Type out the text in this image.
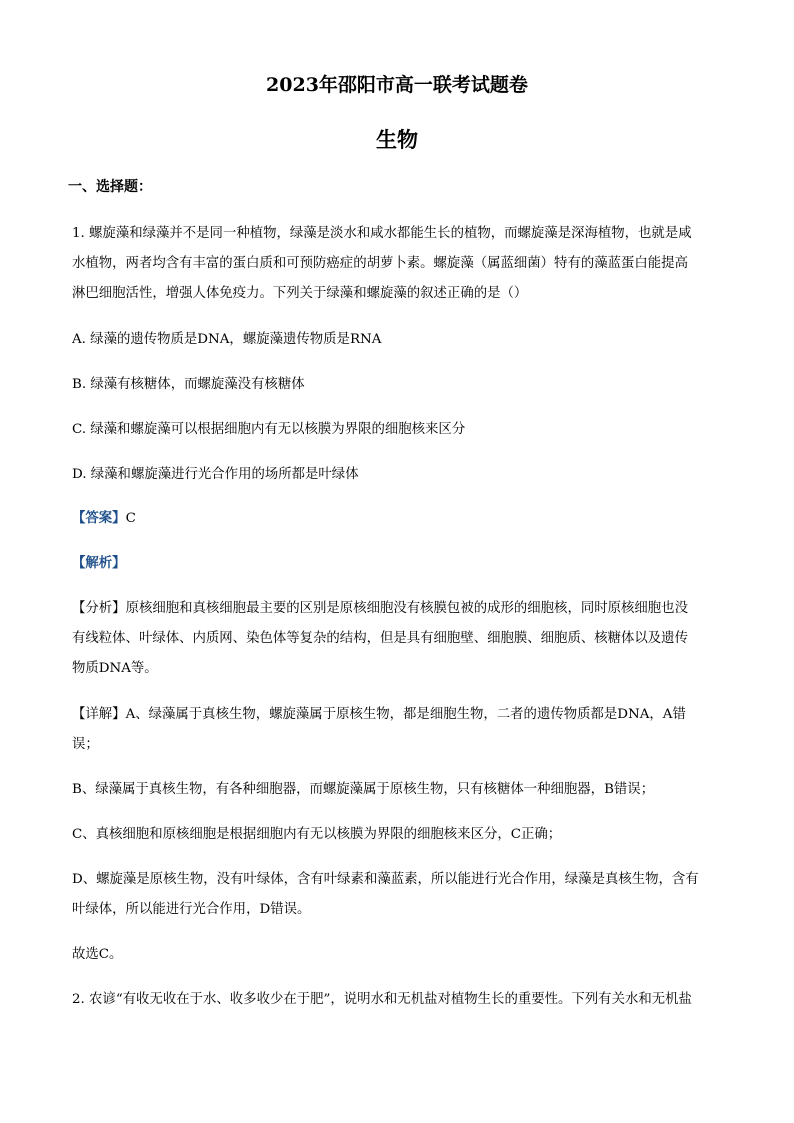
2023年邵阳市高一联考试题卷
生物
一、选择题：

1. 螺旋藻和绿藻并不是同一种植物，绿藻是淡水和咸水都能生长的植物，而螺旋藻是深海植物，也就是咸

水植物，两者均含有丰富的蛋白质和可预防癌症的胡萝卜素。螺旋藻（属蓝细菌）特有的藻蓝蛋白能提高

淋巴细胞活性，增强人体免疫力。下列关于绿藻和螺旋藻的叙述正确的是（）

A. 绿藻的遗传物质是DNA，螺旋藻遗传物质是RNA

B. 绿藻有核糖体，而螺旋藻没有核糖体

C. 绿藻和螺旋藻可以根据细胞内有无以核膜为界限的细胞核来区分

D. 绿藻和螺旋藻进行光合作用的场所都是叶绿体

【答案】C

【解析】

【分析】原核细胞和真核细胞最主要的区别是原核细胞没有核膜包被的成形的细胞核，同时原核细胞也没

有线粒体、叶绿体、内质网、染色体等复杂的结构，但是具有细胞壁、细胞膜、细胞质、核糖体以及遗传

物质DNA等。

【详解】A、绿藻属于真核生物，螺旋藻属于原核生物，都是细胞生物，二者的遗传物质都是DNA，A错

误；

B、绿藻属于真核生物，有各种细胞器，而螺旋藻属于原核生物，只有核糖体一种细胞器，B错误；

C、真核细胞和原核细胞是根据细胞内有无以核膜为界限的细胞核来区分，C正确；

D、螺旋藻是原核生物，没有叶绿体，含有叶绿素和藻蓝素，所以能进行光合作用，绿藻是真核生物，含有

叶绿体，所以能进行光合作用，D错误。

故选C。

2. 农谚“有收无收在于水、收多收少在于肥”，说明水和无机盐对植物生长的重要性。下列有关水和无机盐
